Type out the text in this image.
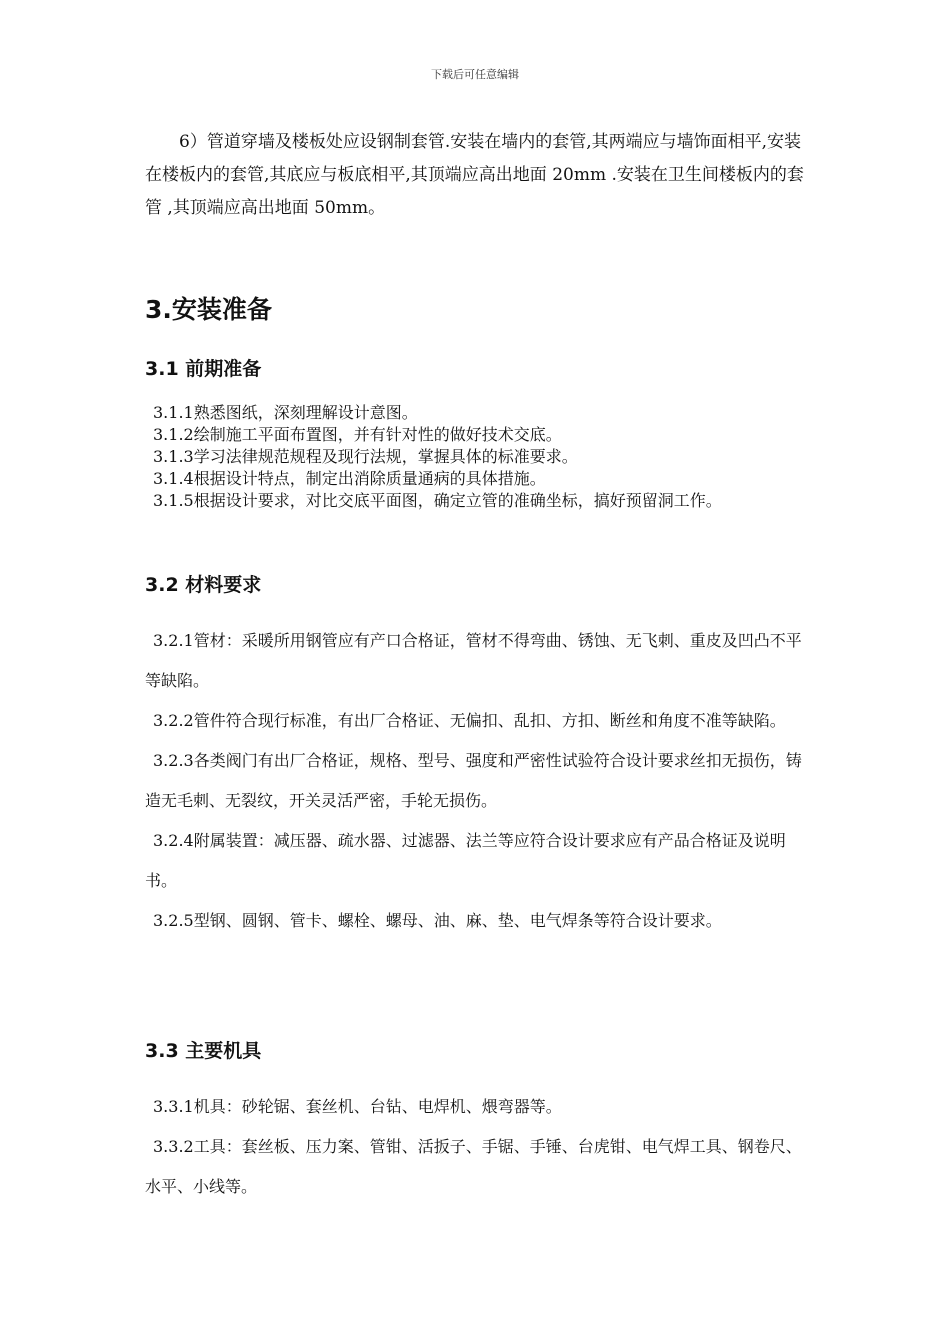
下载后可任意编辑

6）管道穿墙及楼板处应设钢制套管.安装在墙内的套管,其两端应与墙饰面相平,安装在楼板内的套管,其底应与板底相平,其顶端应高出地面 20mm .安装在卫生间楼板内的套管 ,其顶端应高出地面 50mm。

3.安装准备
3.1 前期准备

3.1.1熟悉图纸，深刻理解设计意图。

3.1.2绘制施工平面布置图，并有针对性的做好技术交底。

3.1.3学习法律规范规程及现行法规，掌握具体的标准要求。

3.1.4根据设计特点，制定出消除质量通病的具体措施。

3.1.5根据设计要求，对比交底平面图，确定立管的准确坐标，搞好预留洞工作。

3.2 材料要求

3.2.1管材：采暖所用钢管应有产口合格证，管材不得弯曲、锈蚀、无飞刺、重皮及凹凸不平等缺陷。

3.2.2管件符合现行标准，有出厂合格证、无偏扣、乱扣、方扣、断丝和角度不准等缺陷。

3.2.3各类阀门有出厂合格证，规格、型号、强度和严密性试验符合设计要求丝扣无损伤，铸造无毛刺、无裂纹，开关灵活严密，手轮无损伤。

3.2.4附属装置：减压器、疏水器、过滤器、法兰等应符合设计要求应有产品合格证及说明书。

3.2.5型钢、圆钢、管卡、螺栓、螺母、油、麻、垫、电气焊条等符合设计要求。

3.3 主要机具

3.3.1机具：砂轮锯、套丝机、台钻、电焊机、煨弯器等。

3.3.2工具：套丝板、压力案、管钳、活扳子、手锯、手锤、台虎钳、电气焊工具、钢卷尺、水平、小线等。
